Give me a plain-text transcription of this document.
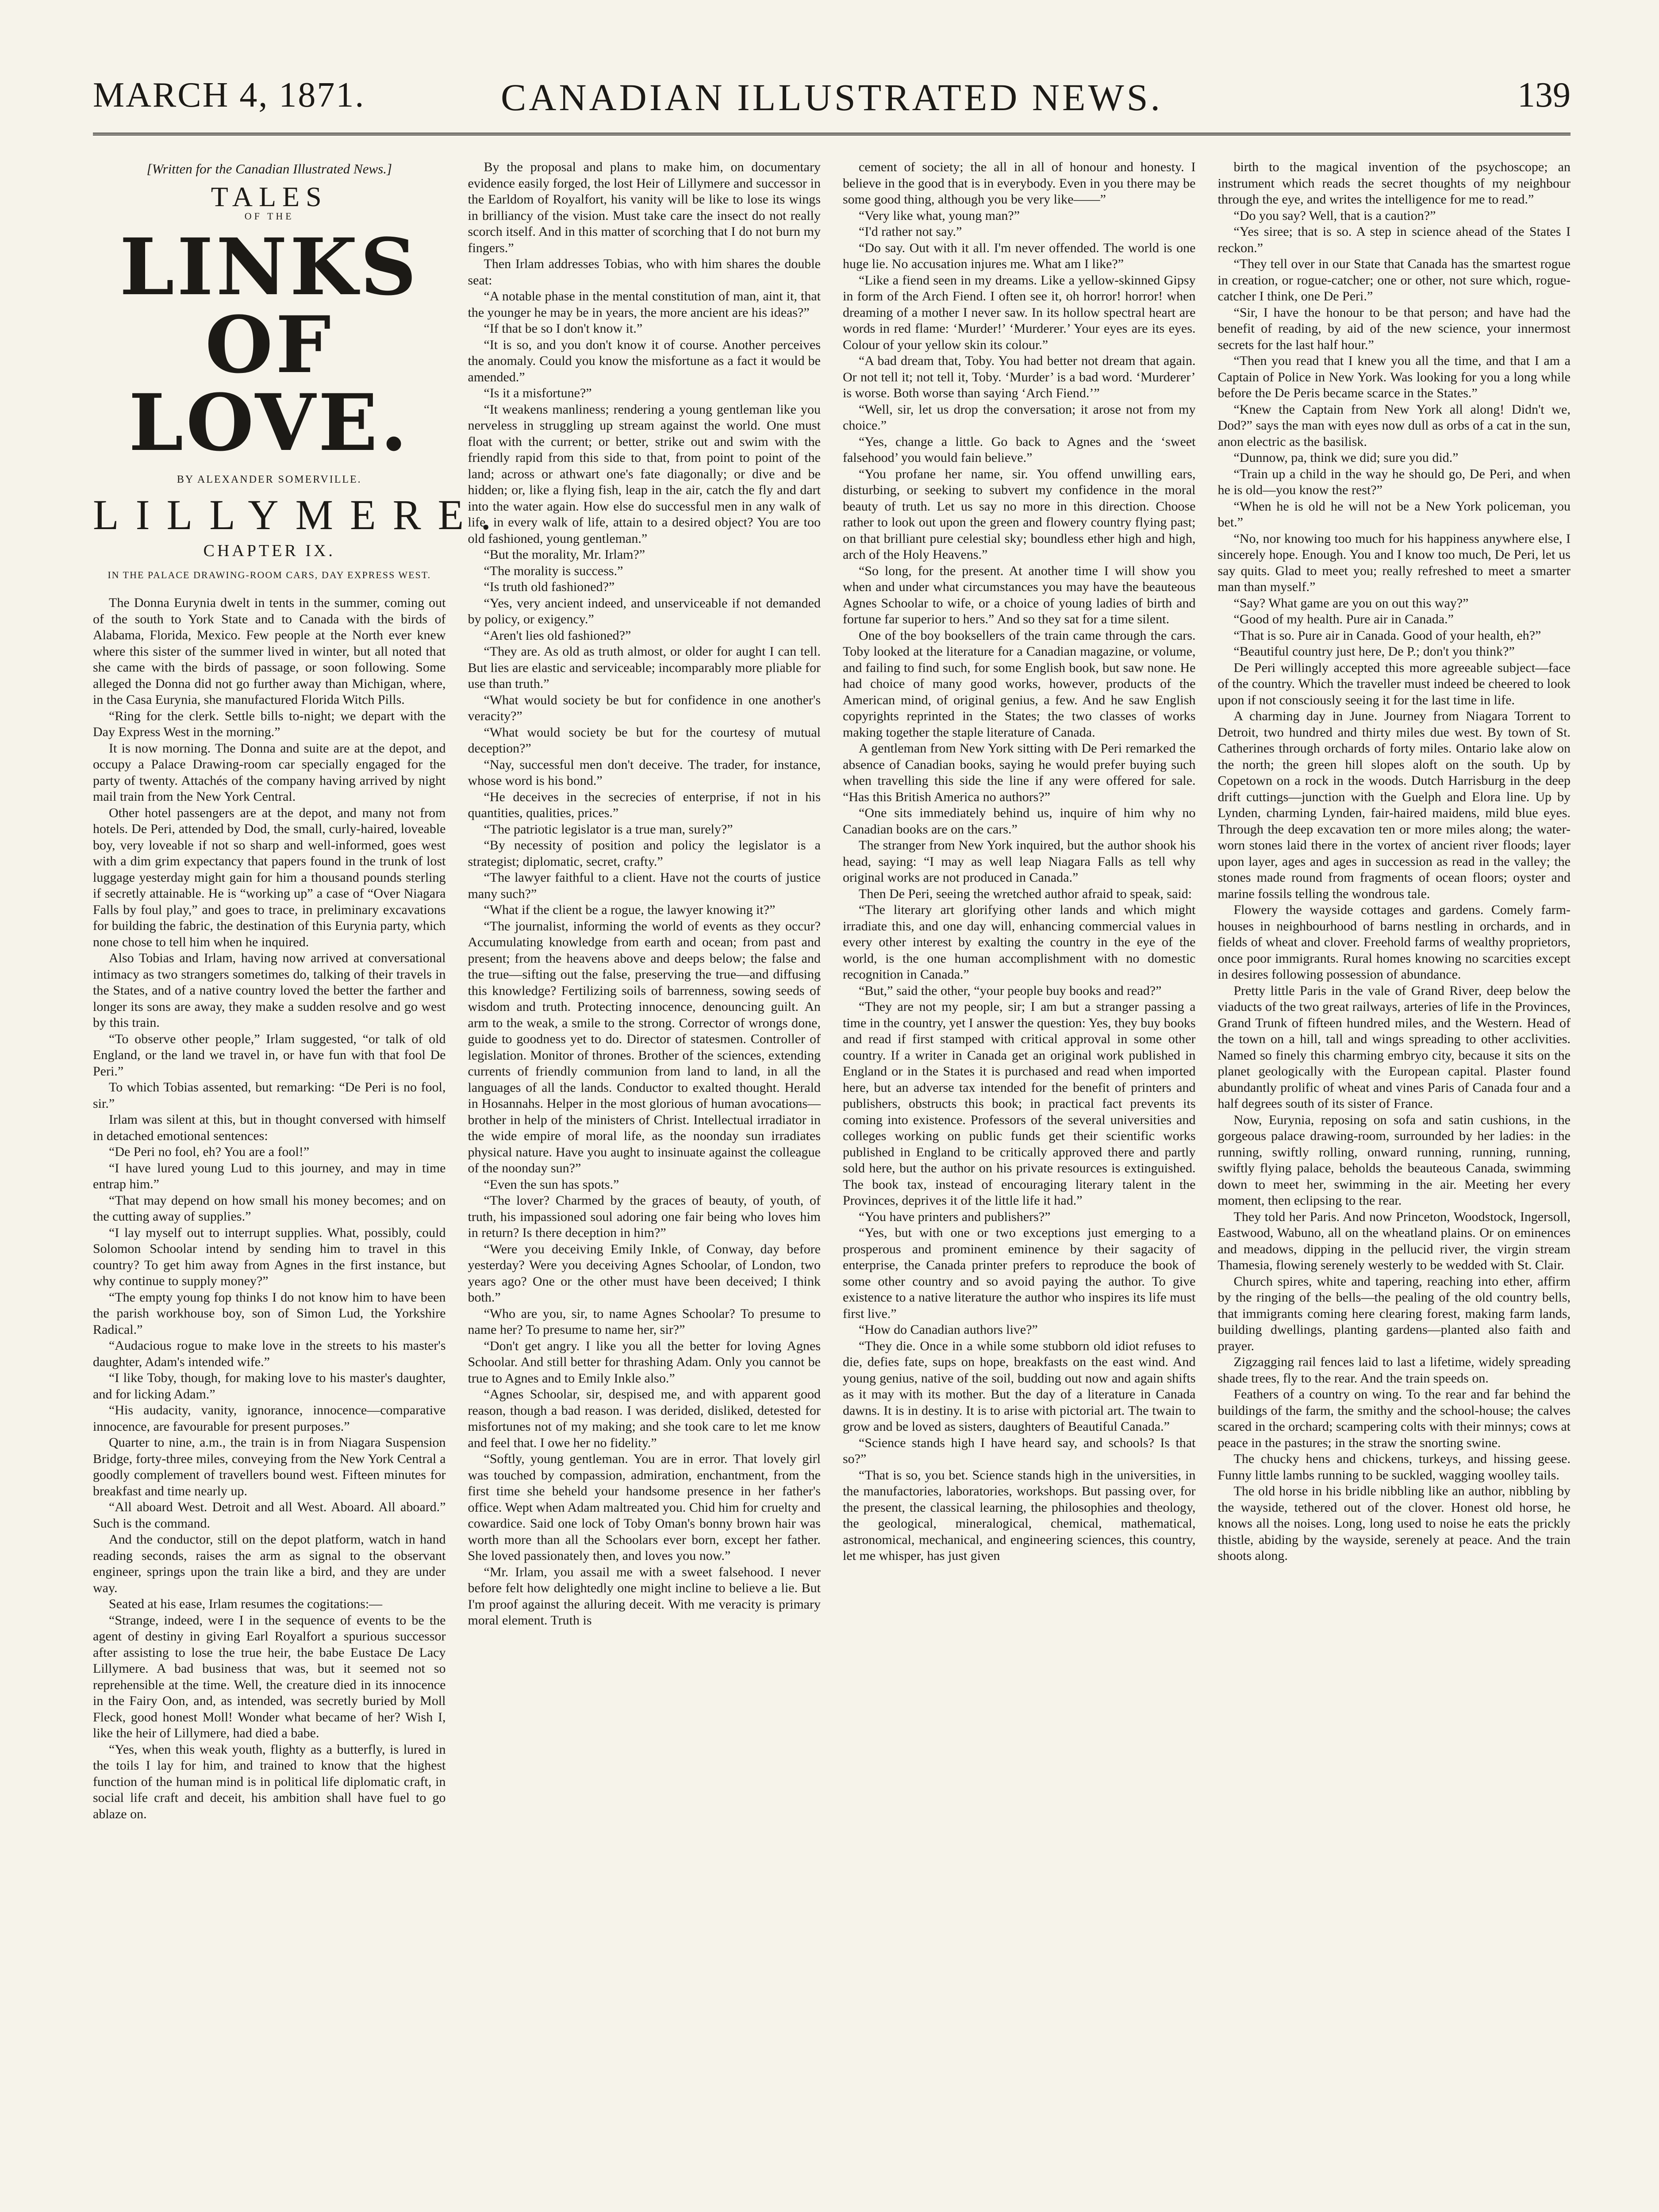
MARCH 4, 1871.	CANADIAN ILLUSTRATED NEWS.	139
[Written for the Canadian Illustrated News.]
TALES
OF THE
LINKS OF LOVE.
BY ALEXANDER SOMERVILLE.
LILLYMERE.
CHAPTER IX.
IN THE PALACE DRAWING-ROOM CARS, DAY EXPRESS WEST.

The Donna Eurynia dwelt in tents in the summer, coming out of the south to York State and to Canada with the birds of Alabama, Florida, Mexico. Few people at the North ever knew where this sister of the summer lived in winter, but all noted that she came with the birds of passage, or soon following. Some alleged the Donna did not go further away than Michigan, where, in the Casa Eurynia, she manufactured Florida Witch Pills.

“Ring for the clerk. Settle bills to-night; we depart with the Day Express West in the morning.”

It is now morning. The Donna and suite are at the depot, and occupy a Palace Drawing-room car specially engaged for the party of twenty. Attachés of the company having arrived by night mail train from the New York Central.

Other hotel passengers are at the depot, and many not from hotels. De Peri, attended by Dod, the small, curly-haired, loveable boy, very loveable if not so sharp and well-informed, goes west with a dim grim expectancy that papers found in the trunk of lost luggage yesterday might gain for him a thousand pounds sterling if secretly attainable. He is “working up” a case of “Over Niagara Falls by foul play,” and goes to trace, in preliminary excavations for building the fabric, the destination of this Eurynia party, which none chose to tell him when he inquired.

Also Tobias and Irlam, having now arrived at conversational intimacy as two strangers sometimes do, talking of their travels in the States, and of a native country loved the better the farther and longer its sons are away, they make a sudden resolve and go west by this train.

“To observe other people,” Irlam suggested, “or talk of old England, or the land we travel in, or have fun with that fool De Peri.”

To which Tobias assented, but remarking: “De Peri is no fool, sir.”

Irlam was silent at this, but in thought conversed with himself in detached emotional sentences:

“De Peri no fool, eh? You are a fool!”

“I have lured young Lud to this journey, and may in time entrap him.”

“That may depend on how small his money becomes; and on the cutting away of supplies.”

“I lay myself out to interrupt supplies. What, possibly, could Solomon Schoolar intend by sending him to travel in this country? To get him away from Agnes in the first instance, but why continue to supply money?”

“The empty young fop thinks I do not know him to have been the parish workhouse boy, son of Simon Lud, the Yorkshire Radical.”

“Audacious rogue to make love in the streets to his master's daughter, Adam's intended wife.”

“I like Toby, though, for making love to his master's daughter, and for licking Adam.”

“His audacity, vanity, ignorance, innocence—comparative innocence, are favourable for present purposes.”

Quarter to nine, a.m., the train is in from Niagara Suspension Bridge, forty-three miles, conveying from the New York Central a goodly complement of travellers bound west. Fifteen minutes for breakfast and time nearly up.

“All aboard West. Detroit and all West. Aboard. All aboard.” Such is the command.

And the conductor, still on the depot platform, watch in hand reading seconds, raises the arm as signal to the observant engineer, springs upon the train like a bird, and they are under way.

Seated at his ease, Irlam resumes the cogitations:—

“Strange, indeed, were I in the sequence of events to be the agent of destiny in giving Earl Royalfort a spurious successor after assisting to lose the true heir, the babe Eustace De Lacy Lillymere. A bad business that was, but it seemed not so reprehensible at the time. Well, the creature died in its innocence in the Fairy Oon, and, as intended, was secretly buried by Moll Fleck, good honest Moll! Wonder what became of her? Wish I, like the heir of Lillymere, had died a babe.

“Yes, when this weak youth, flighty as a butterfly, is lured in the toils I lay for him, and trained to know that the highest function of the human mind is in political life diplomatic craft, in social life craft and deceit, his ambition shall have fuel to go ablaze on.

By the proposal and plans to make him, on documentary evidence easily forged, the lost Heir of Lillymere and successor in the Earldom of Royalfort, his vanity will be like to lose its wings in brilliancy of the vision. Must take care the insect do not really scorch itself. And in this matter of scorching that I do not burn my fingers.”

Then Irlam addresses Tobias, who with him shares the double seat:

“A notable phase in the mental constitution of man, aint it, that the younger he may be in years, the more ancient are his ideas?”

“If that be so I don't know it.”

“It is so, and you don't know it of course. Another perceives the anomaly. Could you know the misfortune as a fact it would be amended.”

“Is it a misfortune?”

“It weakens manliness; rendering a young gentleman like you nerveless in struggling up stream against the world. One must float with the current; or better, strike out and swim with the friendly rapid from this side to that, from point to point of the land; across or athwart one's fate diagonally; or dive and be hidden; or, like a flying fish, leap in the air, catch the fly and dart into the water again. How else do successful men in any walk of life, in every walk of life, attain to a desired object? You are too old fashioned, young gentleman.”

“But the morality, Mr. Irlam?”

“The morality is success.”

“Is truth old fashioned?”

“Yes, very ancient indeed, and unserviceable if not demanded by policy, or exigency.”

“Aren't lies old fashioned?”

“They are. As old as truth almost, or older for aught I can tell. But lies are elastic and serviceable; incomparably more pliable for use than truth.”

“What would society be but for confidence in one another's veracity?”

“What would society be but for the courtesy of mutual deception?”

“Nay, successful men don't deceive. The trader, for instance, whose word is his bond.”

“He deceives in the secrecies of enterprise, if not in his quantities, qualities, prices.”

“The patriotic legislator is a true man, surely?”

“By necessity of position and policy the legislator is a strategist; diplomatic, secret, crafty.”

“The lawyer faithful to a client. Have not the courts of justice many such?”

“What if the client be a rogue, the lawyer knowing it?”

“The journalist, informing the world of events as they occur? Accumulating knowledge from earth and ocean; from past and present; from the heavens above and deeps below; the false and the true—sifting out the false, preserving the true—and diffusing this knowledge? Fertilizing soils of barrenness, sowing seeds of wisdom and truth. Protecting innocence, denouncing guilt. An arm to the weak, a smile to the strong. Corrector of wrongs done, guide to goodness yet to do. Director of statesmen. Controller of legislation. Monitor of thrones. Brother of the sciences, extending currents of friendly communion from land to land, in all the languages of all the lands. Conductor to exalted thought. Herald in Hosannahs. Helper in the most glorious of human avocations—brother in help of the ministers of Christ. Intellectual irradiator in the wide empire of moral life, as the noonday sun irradiates physical nature. Have you aught to insinuate against the colleague of the noonday sun?”

“Even the sun has spots.”

“The lover? Charmed by the graces of beauty, of youth, of truth, his impassioned soul adoring one fair being who loves him in return? Is there deception in him?”

“Were you deceiving Emily Inkle, of Conway, day before yesterday? Were you deceiving Agnes Schoolar, of London, two years ago? One or the other must have been deceived; I think both.”

“Who are you, sir, to name Agnes Schoolar? To presume to name her? To presume to name her, sir?”

“Don't get angry. I like you all the better for loving Agnes Schoolar. And still better for thrashing Adam. Only you cannot be true to Agnes and to Emily Inkle also.”

“Agnes Schoolar, sir, despised me, and with apparent good reason, though a bad reason. I was derided, disliked, detested for misfortunes not of my making; and she took care to let me know and feel that. I owe her no fidelity.”

“Softly, young gentleman. You are in error. That lovely girl was touched by compassion, admiration, enchantment, from the first time she beheld your handsome presence in her father's office. Wept when Adam maltreated you. Chid him for cruelty and cowardice. Said one lock of Toby Oman's bonny brown hair was worth more than all the Schoolars ever born, except her father. She loved passionately then, and loves you now.”

“Mr. Irlam, you assail me with a sweet falsehood. I never before felt how delightedly one might incline to believe a lie. But I'm proof against the alluring deceit. With me veracity is primary moral element. Truth is

cement of society; the all in all of honour and honesty. I believe in the good that is in everybody. Even in you there may be some good thing, although you be very like——”

“Very like what, young man?”

“I'd rather not say.”

“Do say. Out with it all. I'm never offended. The world is one huge lie. No accusation injures me. What am I like?”

“Like a fiend seen in my dreams. Like a yellow-skinned Gipsy in form of the Arch Fiend. I often see it, oh horror! horror! when dreaming of a mother I never saw. In its hollow spectral heart are words in red flame: ‘Murder!’ ‘Murderer.’ Your eyes are its eyes. Colour of your yellow skin its colour.”

“A bad dream that, Toby. You had better not dream that again. Or not tell it; not tell it, Toby. ‘Murder’ is a bad word. ‘Murderer’ is worse. Both worse than saying ‘Arch Fiend.’”

“Well, sir, let us drop the conversation; it arose not from my choice.”

“Yes, change a little. Go back to Agnes and the ‘sweet falsehood’ you would fain believe.”

“You profane her name, sir. You offend unwilling ears, disturbing, or seeking to subvert my confidence in the moral beauty of truth. Let us say no more in this direction. Choose rather to look out upon the green and flowery country flying past; on that brilliant pure celestial sky; boundless ether high and high, arch of the Holy Heavens.”

“So long, for the present. At another time I will show you when and under what circumstances you may have the beauteous Agnes Schoolar to wife, or a choice of young ladies of birth and fortune far superior to hers.” And so they sat for a time silent.

One of the boy booksellers of the train came through the cars. Toby looked at the literature for a Canadian magazine, or volume, and failing to find such, for some English book, but saw none. He had choice of many good works, however, products of the American mind, of original genius, a few. And he saw English copyrights reprinted in the States; the two classes of works making together the staple literature of Canada.

A gentleman from New York sitting with De Peri remarked the absence of Canadian books, saying he would prefer buying such when travelling this side the line if any were offered for sale. “Has this British America no authors?”

“One sits immediately behind us, inquire of him why no Canadian books are on the cars.”

The stranger from New York inquired, but the author shook his head, saying: “I may as well leap Niagara Falls as tell why original works are not produced in Canada.”

Then De Peri, seeing the wretched author afraid to speak, said:

“The literary art glorifying other lands and which might irradiate this, and one day will, enhancing commercial values in every other interest by exalting the country in the eye of the world, is the one human accomplishment with no domestic recognition in Canada.”

“But,” said the other, “your people buy books and read?”

“They are not my people, sir; I am but a stranger passing a time in the country, yet I answer the question: Yes, they buy books and read if first stamped with critical approval in some other country. If a writer in Canada get an original work published in England or in the States it is purchased and read when imported here, but an adverse tax intended for the benefit of printers and publishers, obstructs this book; in practical fact prevents its coming into existence. Professors of the several universities and colleges working on public funds get their scientific works published in England to be critically approved there and partly sold here, but the author on his private resources is extinguished. The book tax, instead of encouraging literary talent in the Provinces, deprives it of the little life it had.”

“You have printers and publishers?”

“Yes, but with one or two exceptions just emerging to a prosperous and prominent eminence by their sagacity of enterprise, the Canada printer prefers to reproduce the book of some other country and so avoid paying the author. To give existence to a native literature the author who inspires its life must first live.”

“How do Canadian authors live?”

“They die. Once in a while some stubborn old idiot refuses to die, defies fate, sups on hope, breakfasts on the east wind. And young genius, native of the soil, budding out now and again shifts as it may with its mother. But the day of a literature in Canada dawns. It is in destiny. It is to arise with pictorial art. The twain to grow and be loved as sisters, daughters of Beautiful Canada.”

“Science stands high I have heard say, and schools? Is that so?”

“That is so, you bet. Science stands high in the universities, in the manufactories, laboratories, workshops. But passing over, for the present, the classical learning, the philosophies and theology, the geological, mineralogical, chemical, mathematical, astronomical, mechanical, and engineering sciences, this country, let me whisper, has just given

birth to the magical invention of the psychoscope; an instrument which reads the secret thoughts of my neighbour through the eye, and writes the intelligence for me to read.”

“Do you say? Well, that is a caution?”

“Yes siree; that is so. A step in science ahead of the States I reckon.”

“They tell over in our State that Canada has the smartest rogue in creation, or rogue-catcher; one or other, not sure which, rogue-catcher I think, one De Peri.”

“Sir, I have the honour to be that person; and have had the benefit of reading, by aid of the new science, your innermost secrets for the last half hour.”

“Then you read that I knew you all the time, and that I am a Captain of Police in New York. Was looking for you a long while before the De Peris became scarce in the States.”

“Knew the Captain from New York all along! Didn't we, Dod?” says the man with eyes now dull as orbs of a cat in the sun, anon electric as the basilisk.

“Dunnow, pa, think we did; sure you did.”

“Train up a child in the way he should go, De Peri, and when he is old—you know the rest?”

“When he is old he will not be a New York policeman, you bet.”

“No, nor knowing too much for his happiness anywhere else, I sincerely hope. Enough. You and I know too much, De Peri, let us say quits. Glad to meet you; really refreshed to meet a smarter man than myself.”

“Say? What game are you on out this way?”

“Good of my health. Pure air in Canada.”

“That is so. Pure air in Canada. Good of your health, eh?”

“Beautiful country just here, De P.; don't you think?”

De Peri willingly accepted this more agreeable subject—face of the country. Which the traveller must indeed be cheered to look upon if not consciously seeing it for the last time in life.

A charming day in June. Journey from Niagara Torrent to Detroit, two hundred and thirty miles due west. By town of St. Catherines through orchards of forty miles. Ontario lake alow on the north; the green hill slopes aloft on the south. Up by Copetown on a rock in the woods. Dutch Harrisburg in the deep drift cuttings—junction with the Guelph and Elora line. Up by Lynden, charming Lynden, fair-haired maidens, mild blue eyes. Through the deep excavation ten or more miles along; the water-worn stones laid there in the vortex of ancient river floods; layer upon layer, ages and ages in succession as read in the valley; the stones made round from fragments of ocean floors; oyster and marine fossils telling the wondrous tale.

Flowery the wayside cottages and gardens. Comely farm-houses in neighbourhood of barns nestling in orchards, and in fields of wheat and clover. Freehold farms of wealthy proprietors, once poor immigrants. Rural homes knowing no scarcities except in desires following possession of abundance.

Pretty little Paris in the vale of Grand River, deep below the viaducts of the two great railways, arteries of life in the Provinces, Grand Trunk of fifteen hundred miles, and the Western. Head of the town on a hill, tall and wings spreading to other acclivities. Named so finely this charming embryo city, because it sits on the planet geologically with the European capital. Plaster found abundantly prolific of wheat and vines Paris of Canada four and a half degrees south of its sister of France.

Now, Eurynia, reposing on sofa and satin cushions, in the gorgeous palace drawing-room, surrounded by her ladies: in the running, swiftly rolling, onward running, running, running, swiftly flying palace, beholds the beauteous Canada, swimming down to meet her, swimming in the air. Meeting her every moment, then eclipsing to the rear.

They told her Paris. And now Princeton, Woodstock, Ingersoll, Eastwood, Wabuno, all on the wheatland plains. Or on eminences and meadows, dipping in the pellucid river, the virgin stream Thamesia, flowing serenely westerly to be wedded with St. Clair.

Church spires, white and tapering, reaching into ether, affirm by the ringing of the bells—the pealing of the old country bells, that immigrants coming here clearing forest, making farm lands, building dwellings, planting gardens—planted also faith and prayer.

Zigzagging rail fences laid to last a lifetime, widely spreading shade trees, fly to the rear. And the train speeds on.

Feathers of a country on wing. To the rear and far behind the buildings of the farm, the smithy and the school-house; the calves scared in the orchard; scampering colts with their minnys; cows at peace in the pastures; in the straw the snorting swine.

The chucky hens and chickens, turkeys, and hissing geese. Funny little lambs running to be suckled, wagging woolley tails.

The old horse in his bridle nibbling like an author, nibbling by the wayside, tethered out of the clover. Honest old horse, he knows all the noises. Long, long used to noise he eats the prickly thistle, abiding by the wayside, serenely at peace. And the train shoots along.
